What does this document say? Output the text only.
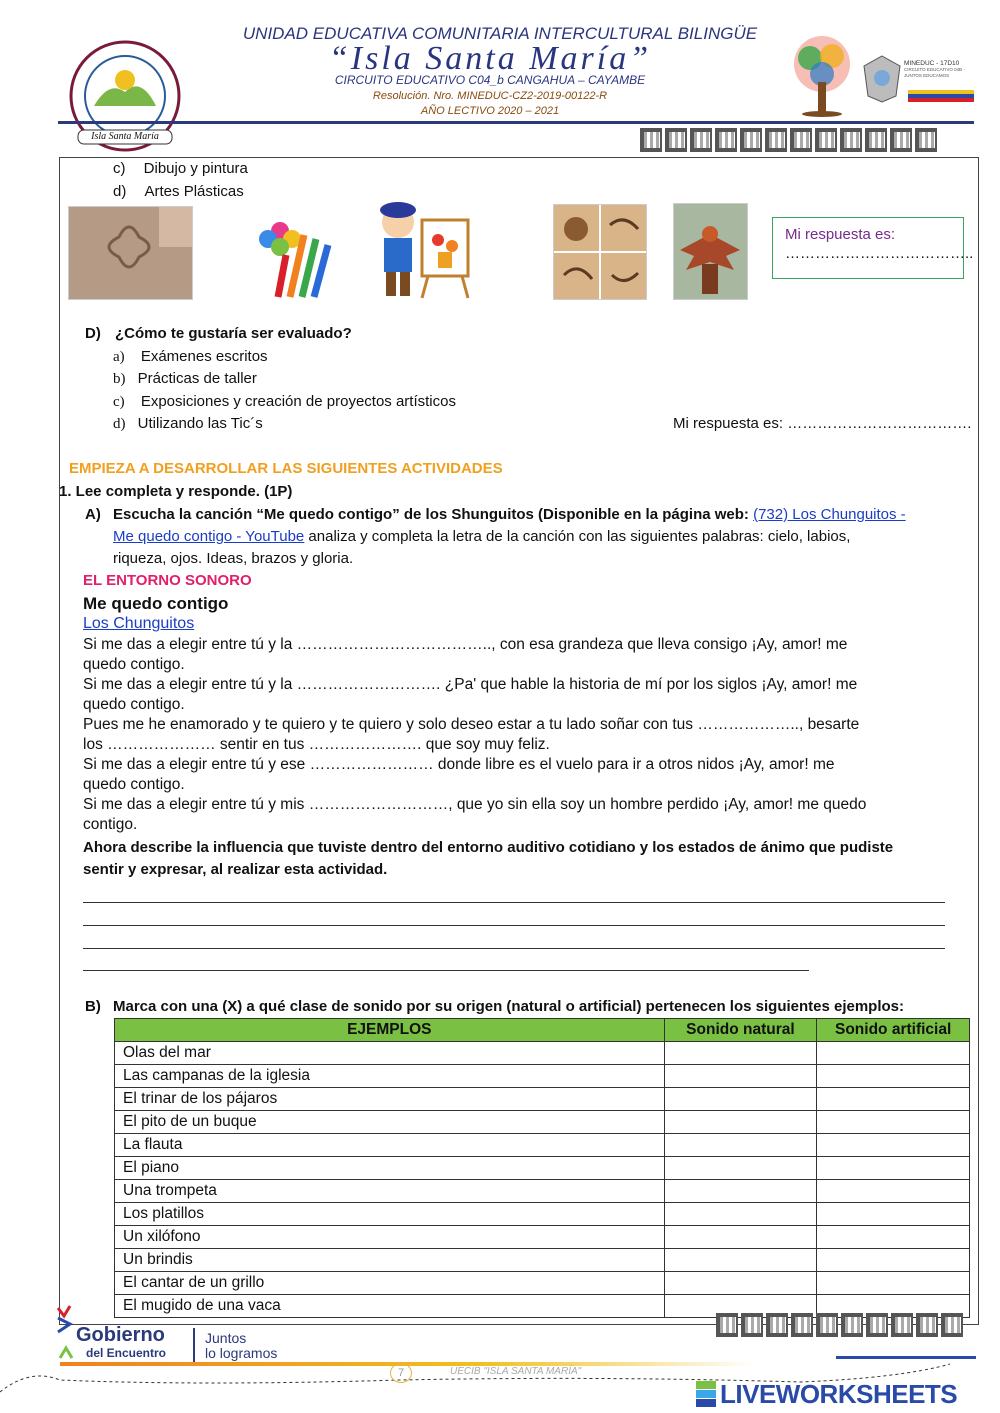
Isla Santa María
UNIDAD EDUCATIVA COMUNITARIA INTERCULTURAL BILINGÜE
“Isla Santa María”
CIRCUITO EDUCATIVO C04_b CANGAHUA – CAYAMBE
Resolución. Nro. MINEDUC-CZ2-2019-00122-R
AÑO LECTIVO 2020 – 2021
MINEDUC - 17D10
CIRCUITO EDUCATIVO 04B · JUNTOS EDUCAMOS
c) Dibujo y pintura
d) Artes Plásticas
Mi respuesta es:
………………………………..
D) ¿Cómo te gustaría ser evaluado?
a) Exámenes escritos
b) Prácticas de taller
c) Exposiciones y creación de proyectos artísticos
d) Utilizando las Tic´s	Mi respuesta es: ……………………………….
EMPIEZA A DESARROLLAR LAS SIGUIENTES ACTIVIDADES
1. Lee completa y responde. (1P)
A) Escucha la canción “Me quedo contigo” de los Shunguitos (Disponible en la página web: (732) Los Chunguitos -
Me quedo contigo - YouTube analiza y completa la letra de la canción con las siguientes palabras: cielo, labios,
riqueza, ojos. Ideas, brazos y gloria.
EL ENTORNO SONORO
Me quedo contigo
Los Chunguitos
Si me das a elegir entre tú y la ……………………………….., con esa grandeza que lleva consigo ¡Ay, amor! me
quedo contigo.
Si me das a elegir entre tú y la ………………………. ¿Pa' que hable la historia de mí por los siglos ¡Ay, amor! me
quedo contigo.
Pues me he enamorado y te quiero y te quiero y solo deseo estar a tu lado soñar con tus ……………….., besarte
los ………………… sentir en tus …………………. que soy muy feliz.
Si me das a elegir entre tú y ese …………………… donde libre es el vuelo para ir a otros nidos ¡Ay, amor! me
quedo contigo.
Si me das a elegir entre tú y mis ………………………, que yo sin ella soy un hombre perdido ¡Ay, amor! me quedo
contigo.
Ahora describe la influencia que tuviste dentro del entorno auditivo cotidiano y los estados de ánimo que pudiste
sentir y expresar, al realizar esta actividad.
B) Marca con una (X) a qué clase de sonido por su origen (natural o artificial) pertenecen los siguientes ejemplos:
EJEMPLOS	Sonido natural	Sonido artificial
Olas del mar		
Las campanas de la iglesia		
El trinar de los pájaros		
El pito de un buque		
La flauta		
El piano		
Una trompeta		
Los platillos		
Un xilófono		
Un brindis		
El cantar de un grillo		
El mugido de una vaca		
Gobierno
del Encuentro
Juntos
lo logramos
7	UECIB "ISLA SANTA MARÍA"
LIVEWORKSHEETS
